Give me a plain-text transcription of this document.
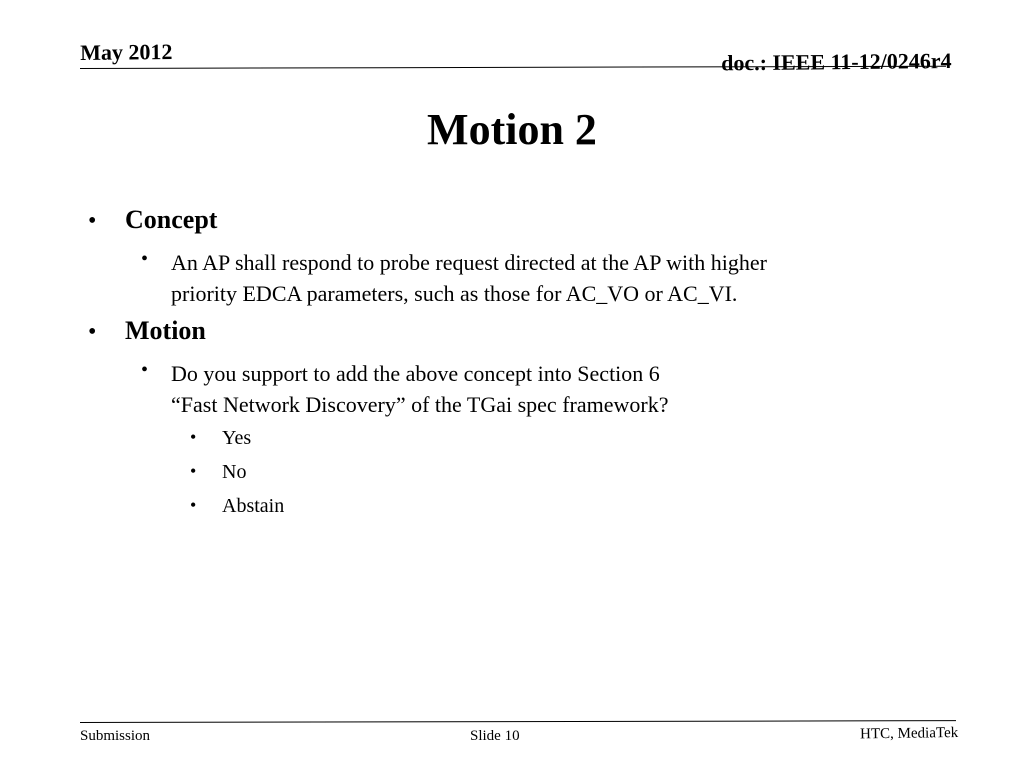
May 2012	doc.: IEEE 11-12/0246r4
Motion 2
• Concept
• An AP shall respond to probe request directed at the AP with higher
priority EDCA parameters, such as those for AC_VO or AC_VI.
• Motion
• Do you support to add the above concept into Section 6
“Fast Network Discovery” of the TGai spec framework?
• Yes
• No
• Abstain
Submission	Slide 10	HTC, MediaTek
